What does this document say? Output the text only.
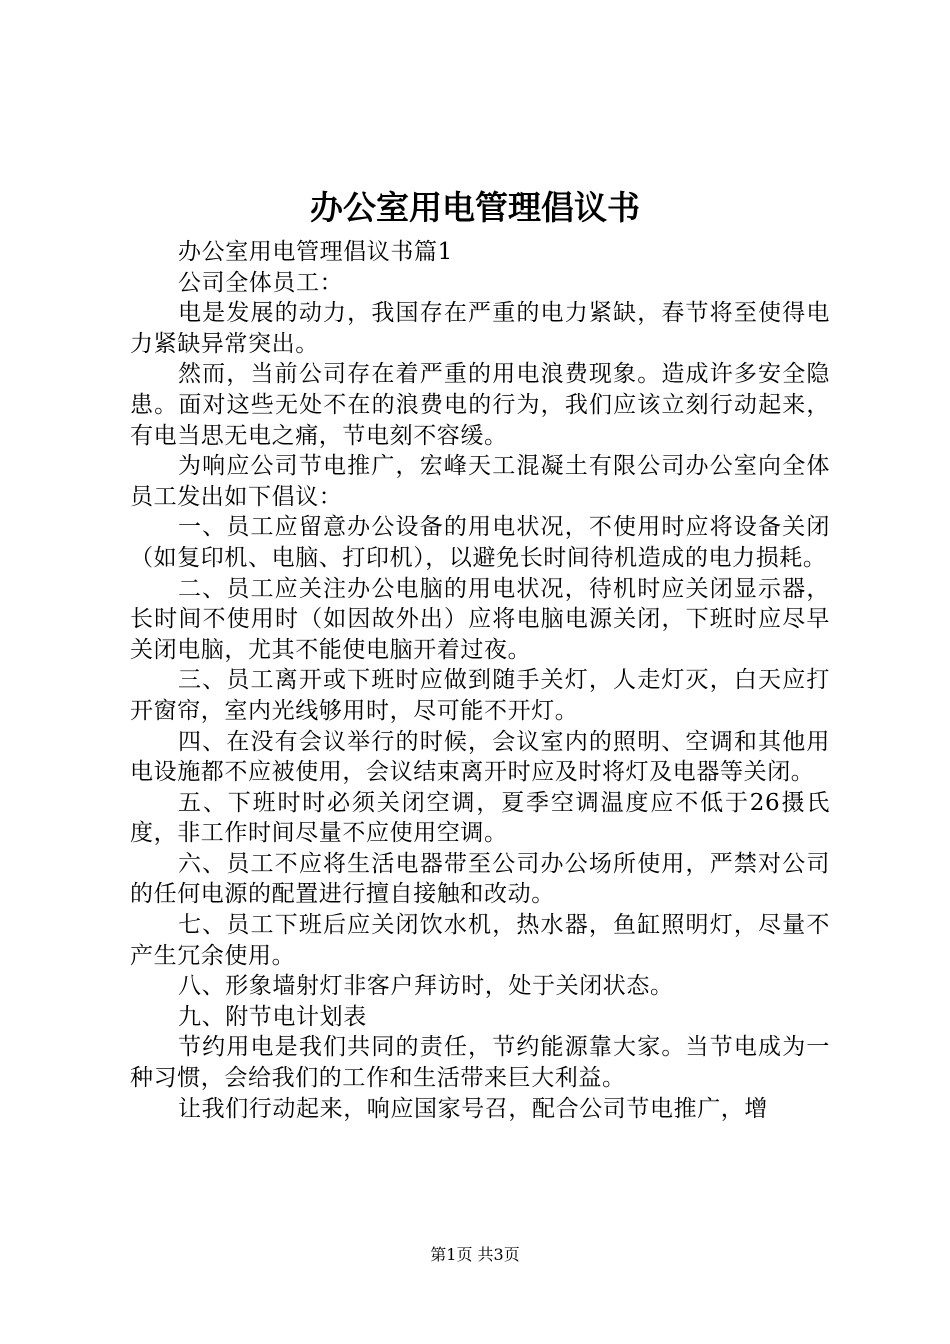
办公室用电管理倡议书

办公室用电管理倡议书篇1

公司全体员工：

电是发展的动力，我国存在严重的电力紧缺，春节将至使得电力紧缺异常突出。

然而，当前公司存在着严重的用电浪费现象。造成许多安全隐患。面对这些无处不在的浪费电的行为，我们应该立刻行动起来，有电当思无电之痛，节电刻不容缓。

为响应公司节电推广，宏峰天工混凝土有限公司办公室向全体员工发出如下倡议：

一、员工应留意办公设备的用电状况，不使用时应将设备关闭（如复印机、电脑、打印机），以避免长时间待机造成的电力损耗。

二、员工应关注办公电脑的用电状况，待机时应关闭显示器，长时间不使用时（如因故外出）应将电脑电源关闭，下班时应尽早关闭电脑，尤其不能使电脑开着过夜。

三、员工离开或下班时应做到随手关灯，人走灯灭，白天应打开窗帘，室内光线够用时，尽可能不开灯。

四、在没有会议举行的时候，会议室内的照明、空调和其他用电设施都不应被使用，会议结束离开时应及时将灯及电器等关闭。

五、下班时时必须关闭空调，夏季空调温度应不低于26摄氏度，非工作时间尽量不应使用空调。

六、员工不应将生活电器带至公司办公场所使用，严禁对公司的任何电源的配置进行擅自接触和改动。

七、员工下班后应关闭饮水机，热水器，鱼缸照明灯，尽量不产生冗余使用。

八、形象墙射灯非客户拜访时，处于关闭状态。

九、附节电计划表

节约用电是我们共同的责任，节约能源靠大家。当节电成为一种习惯，会给我们的工作和生活带来巨大利益。

让我们行动起来，响应国家号召，配合公司节电推广，增

第1页 共3页
